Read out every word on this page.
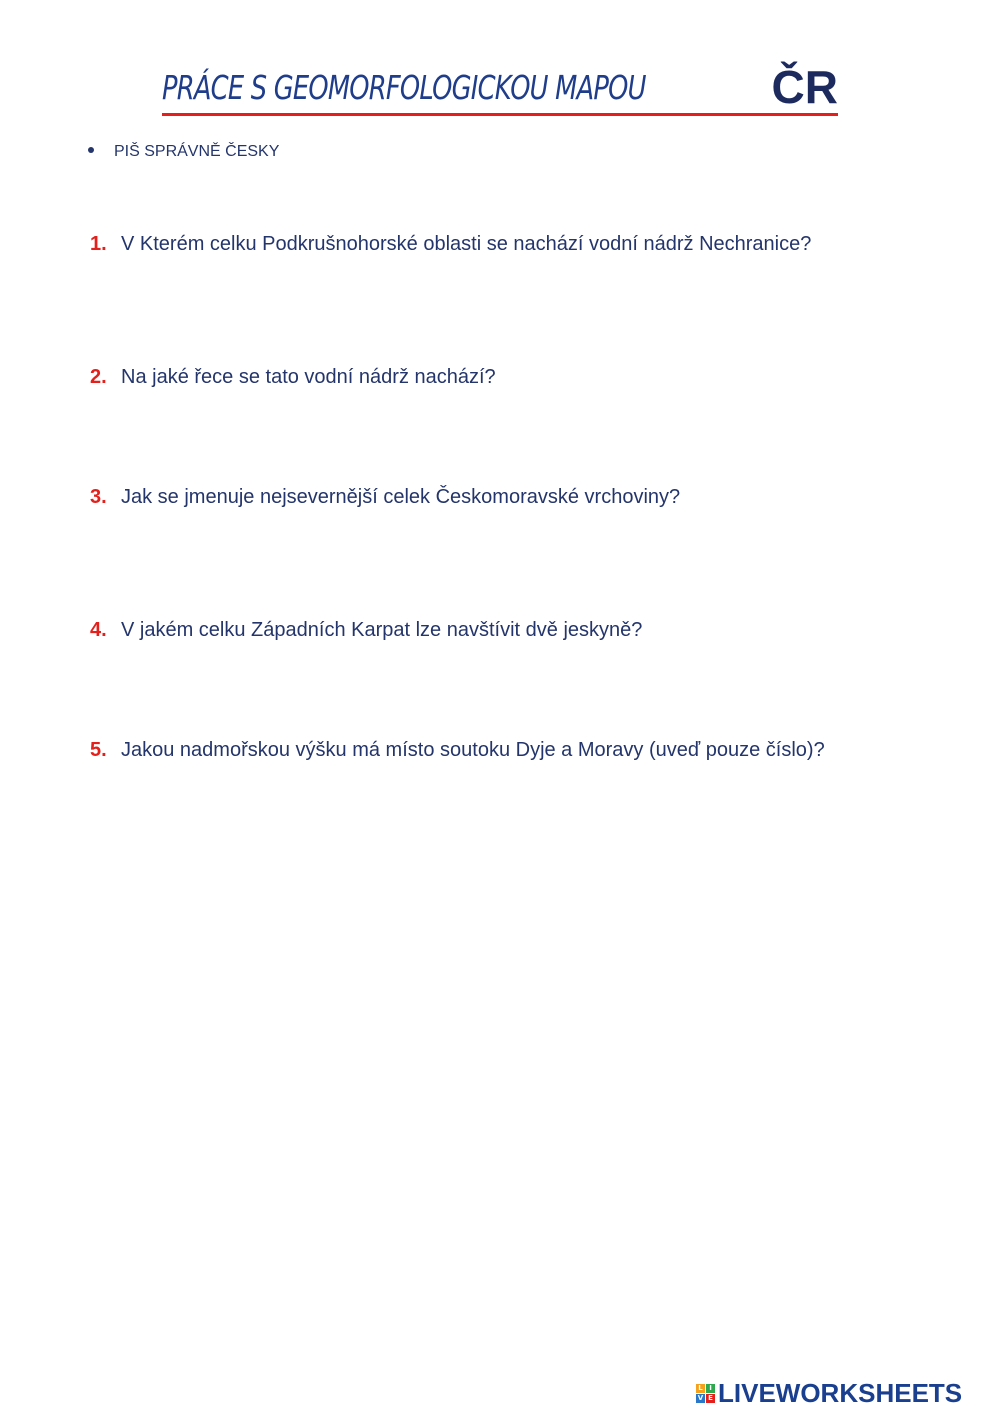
PRÁCE S GEOMORFOLOGICKOU MAPOU	ČR
PIŠ SPRÁVNĚ ČESKY
1. V Kterém celku Podkrušnohorské oblasti se nachází vodní nádrž Nechranice?
2. Na jaké řece se tato vodní nádrž nachází?
3. Jak se jmenuje nejsevernější celek Českomoravské vrchoviny?
4. V jakém celku Západních Karpat lze navštívit dvě jeskyně?
5. Jakou nadmořskou výšku má místo soutoku Dyje a Moravy (uveď pouze číslo)?
L I
V E LIVEWORKSHEETS
